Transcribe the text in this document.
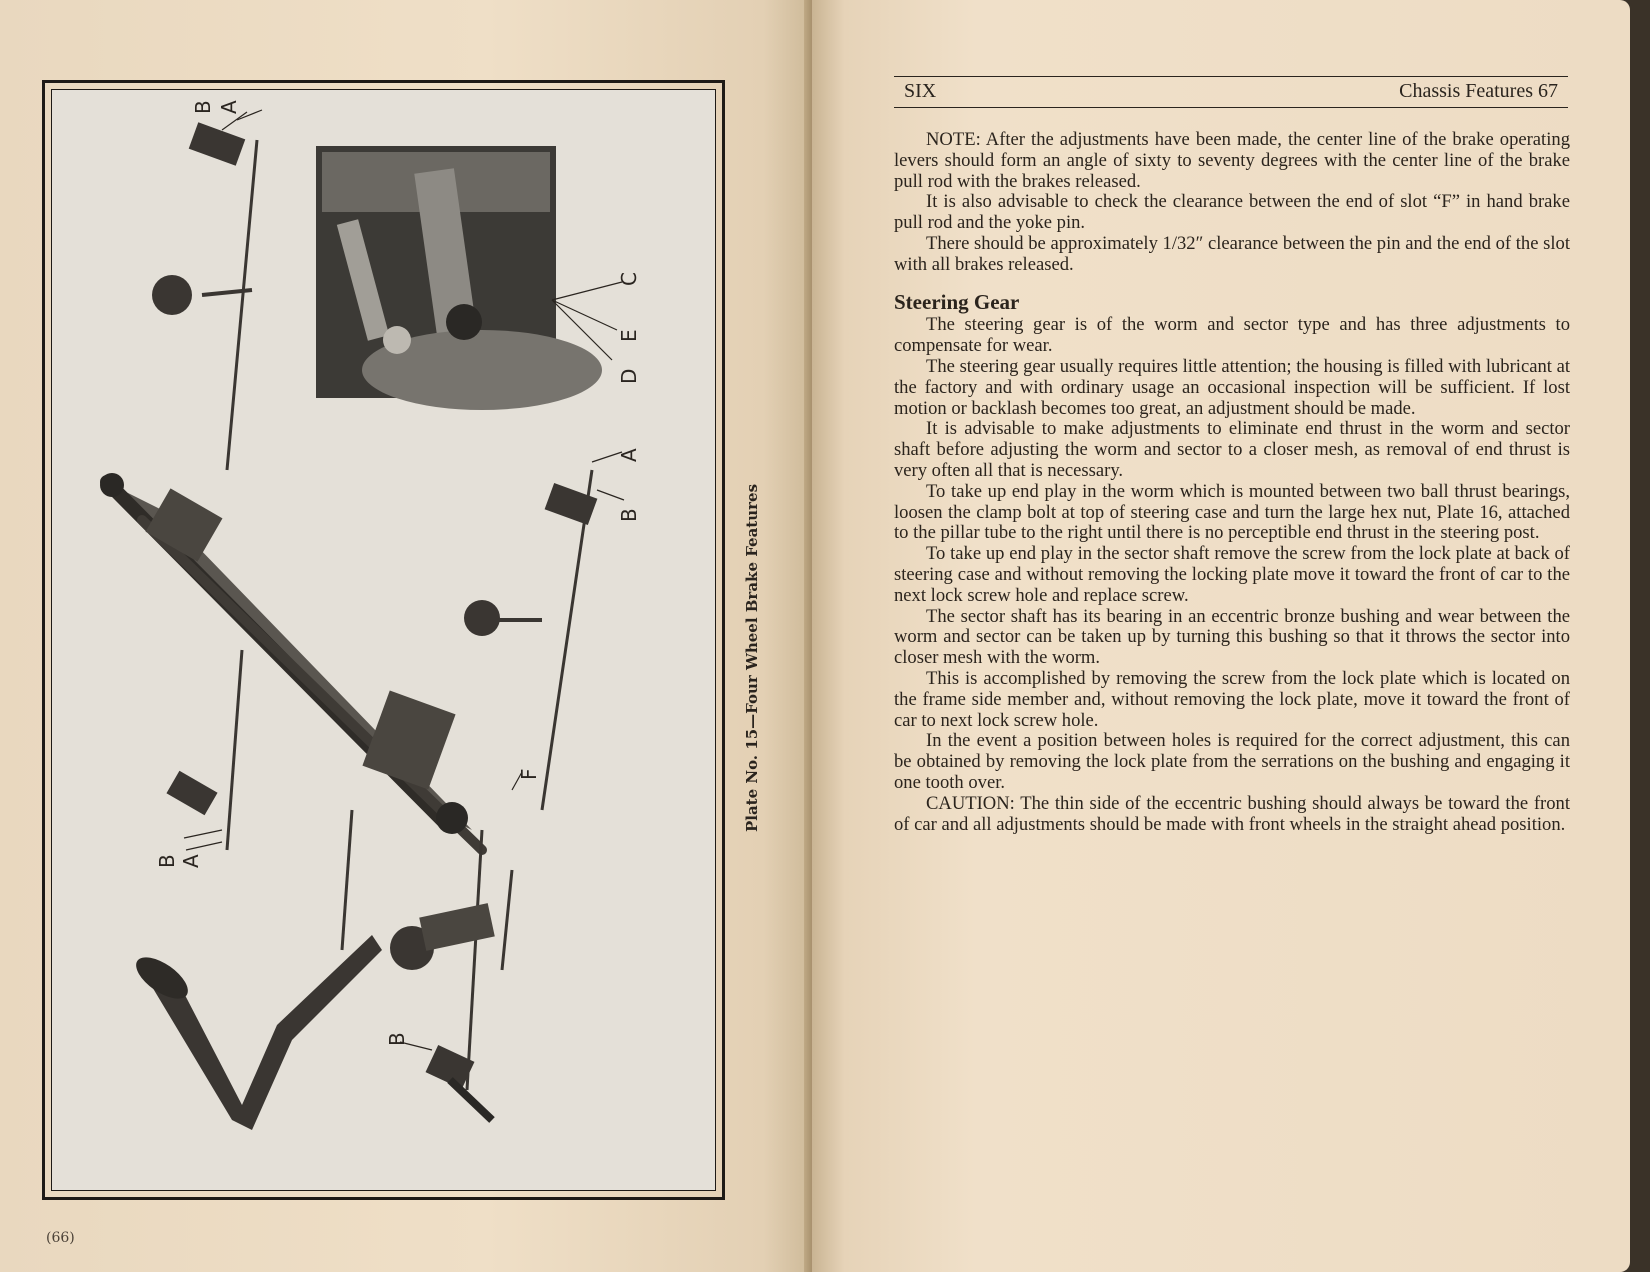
B A
C
E
D
A
B
F
B A
B
Plate No. 15—Four Wheel Brake Features
(66)
SIX	Chassis Features 67

NOTE: After the adjustments have been made, the center line of the brake operating levers should form an angle of sixty to seventy degrees with the center line of the brake pull rod with the brakes released.

It is also advisable to check the clearance between the end of slot “F” in hand brake pull rod and the yoke pin.

There should be approximately 1/32″ clearance between the pin and the end of the slot with all brakes released.

Steering Gear

The steering gear is of the worm and sector type and has three adjustments to compensate for wear.

The steering gear usually requires little attention; the housing is filled with lubricant at the factory and with ordinary usage an occasional inspection will be sufficient. If lost motion or backlash becomes too great, an adjustment should be made.

It is advisable to make adjustments to eliminate end thrust in the worm and sector shaft before adjusting the worm and sector to a closer mesh, as removal of end thrust is very often all that is necessary.

To take up end play in the worm which is mounted between two ball thrust bearings, loosen the clamp bolt at top of steering case and turn the large hex nut, Plate 16, attached to the pillar tube to the right until there is no perceptible end thrust in the steering post.

To take up end play in the sector shaft remove the screw from the lock plate at back of steering case and without removing the locking plate move it toward the front of car to the next lock screw hole and replace screw.

The sector shaft has its bearing in an eccentric bronze bushing and wear between the worm and sector can be taken up by turning this bushing so that it throws the sector into closer mesh with the worm.

This is accomplished by removing the screw from the lock plate which is located on the frame side member and, without removing the lock plate, move it toward the front of car to next lock screw hole.

In the event a position between holes is required for the correct adjustment, this can be obtained by removing the lock plate from the serrations on the bushing and engaging it one tooth over.

CAUTION: The thin side of the eccentric bushing should always be toward the front of car and all adjustments should be made with front wheels in the straight ahead position.
